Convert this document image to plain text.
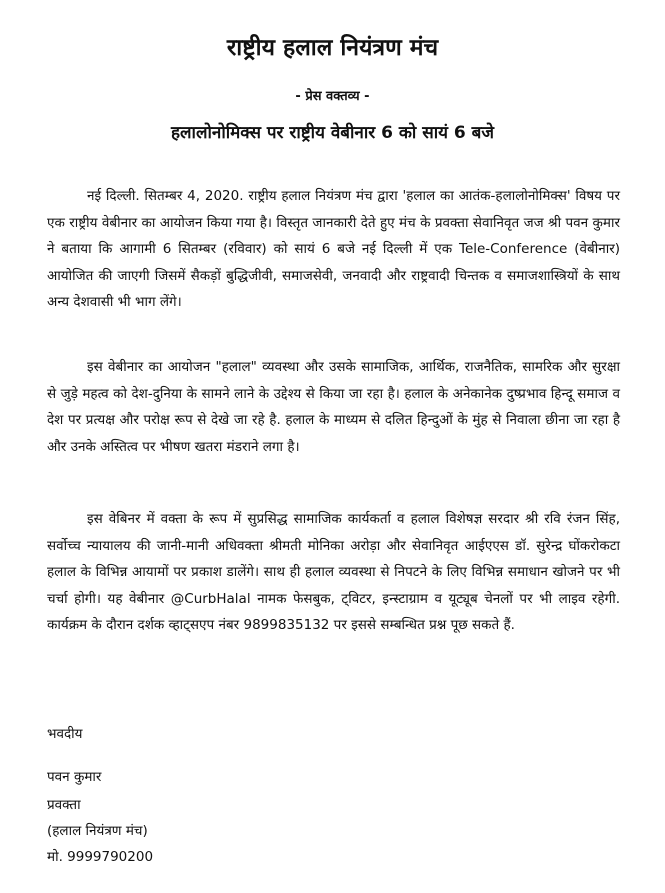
राष्ट्रीय हलाल नियंत्रण मंच
- प्रेस वक्तव्य -
हलालोनोमिक्स पर राष्ट्रीय वेबीनार 6 को सायं 6 बजे

नई दिल्ली. सितम्बर 4, 2020. राष्ट्रीय हलाल नियंत्रण मंच द्वारा 'हलाल का आतंक-हलालोनोमिक्स' विषय पर एक राष्ट्रीय वेबीनार का आयोजन किया गया है। विस्तृत जानकारी देते हुए मंच के प्रवक्ता सेवानिवृत जज श्री पवन कुमार ने बताया कि आगामी 6 सितम्बर (रविवार) को सायं 6 बजे नई दिल्ली में एक Tele-Conference (वेबीनार) आयोजित की जाएगी जिसमें सैकड़ों बुद्धिजीवी, समाजसेवी, जनवादी और राष्ट्रवादी चिन्तक व समाजशास्त्रियों के साथ अन्य देशवासी भी भाग लेंगे।

इस वेबीनार का आयोजन "हलाल" व्यवस्था और उसके सामाजिक, आर्थिक, राजनैतिक, सामरिक और सुरक्षा से जुड़े महत्व को देश-दुनिया के सामने लाने के उद्देश्य से किया जा रहा है। हलाल के अनेकानेक दुष्प्रभाव हिन्दू समाज व देश पर प्रत्यक्ष और परोक्ष रूप से देखे जा रहे है. हलाल के माध्यम से दलित हिन्दुओं के मुंह से निवाला छीना जा रहा है और उनके अस्तित्व पर भीषण खतरा मंडराने लगा है।

इस वेबिनर में वक्ता के रूप में सुप्रसिद्ध सामाजिक कार्यकर्ता व हलाल विशेषज्ञ सरदार श्री रवि रंजन सिंह, सर्वोच्च न्यायालय की जानी-मानी अधिवक्ता श्रीमती मोनिका अरोड़ा और सेवानिवृत आईएएस डॉ. सुरेन्द्र घोंकरोकटा हलाल के विभिन्न आयामों पर प्रकाश डालेंगे। साथ ही हलाल व्यवस्था से निपटने के लिए विभिन्न समाधान खोजने पर भी चर्चा होगी। यह वेबीनार @CurbHalal नामक फेसबुक, ट्विटर, इन्स्टाग्राम व यूट्यूब चेनलों पर भी लाइव रहेगी. कार्यक्रम के दौरान दर्शक व्हाट्सएप नंबर 9899835132 पर इससे सम्बन्धित प्रश्न पूछ सकते हैं.

भवदीय
पवन कुमार
प्रवक्ता
(हलाल नियंत्रण मंच)
मो. 9999790200
